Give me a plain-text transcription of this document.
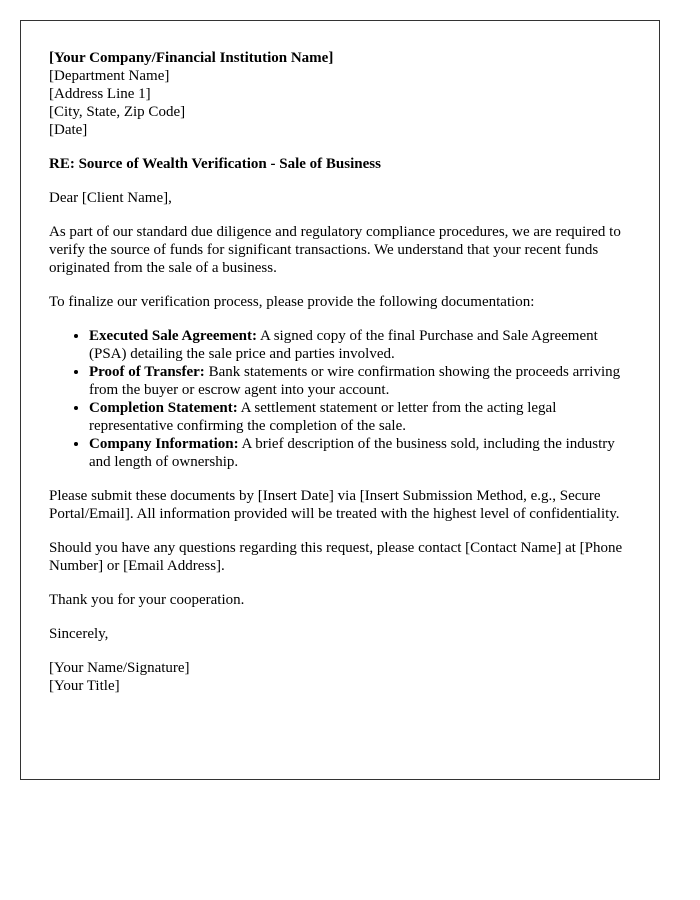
[Your Company/Financial Institution Name]
[Department Name]
[Address Line 1]
[City, State, Zip Code]
[Date]

RE: Source of Wealth Verification - Sale of Business

Dear [Client Name],

As part of our standard due diligence and regulatory compliance procedures, we are required to verify the source of funds for significant transactions. We understand that your recent funds originated from the sale of a business.

To finalize our verification process, please provide the following documentation:

• Executed Sale Agreement: A signed copy of the final Purchase and Sale Agreement (PSA) detailing the sale price and parties involved.
• Proof of Transfer: Bank statements or wire confirmation showing the proceeds arriving from the buyer or escrow agent into your account.
• Completion Statement: A settlement statement or letter from the acting legal representative confirming the completion of the sale.
• Company Information: A brief description of the business sold, including the industry and length of ownership.

Please submit these documents by [Insert Date] via [Insert Submission Method, e.g., Secure Portal/Email]. All information provided will be treated with the highest level of confidentiality.

Should you have any questions regarding this request, please contact [Contact Name] at [Phone Number] or [Email Address].

Thank you for your cooperation.

Sincerely,

[Your Name/Signature]
[Your Title]
